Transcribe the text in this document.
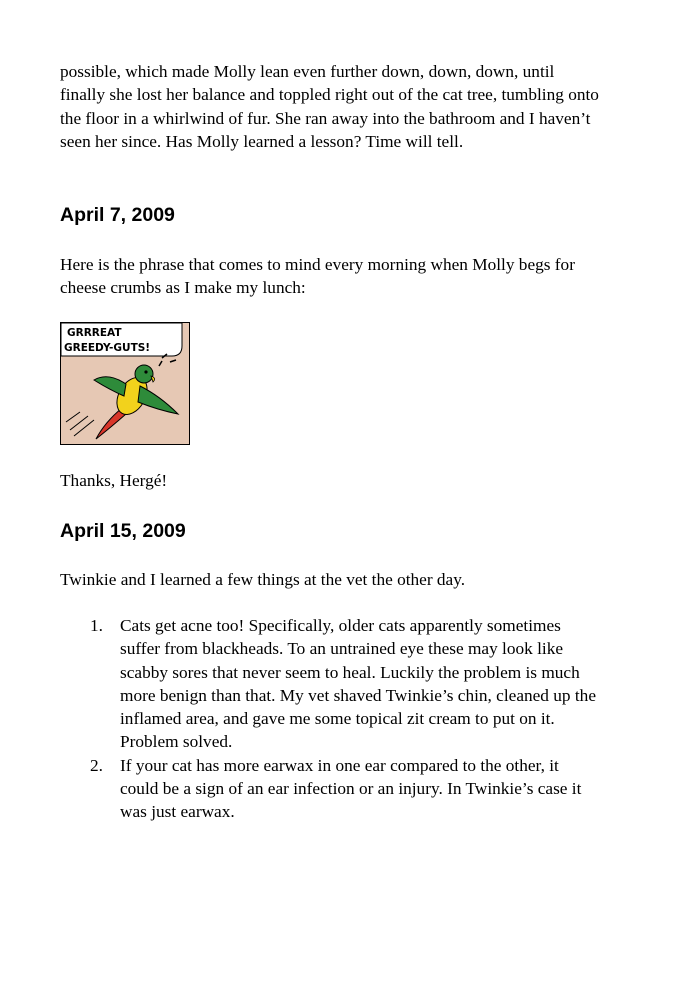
possible, which made Molly lean even further down, down, down, until finally she lost her balance and toppled right out of the cat tree, tumbling onto the floor in a whirlwind of fur. She ran away into the bathroom and I haven’t seen her since. Has Molly learned a lesson? Time will tell.

April 7, 2009

Here is the phrase that comes to mind every morning when Molly begs for cheese crumbs as I make my lunch:

GRRREAT
GREEDY-GUTS!

Thanks, Hergé!

April 15, 2009

Twinkie and I learned a few things at the vet the other day.

1. Cats get acne too! Specifically, older cats apparently sometimes suffer from blackheads. To an untrained eye these may look like scabby sores that never seem to heal. Luckily the problem is much more benign than that. My vet shaved Twinkie’s chin, cleaned up the inflamed area, and gave me some topical zit cream to put on it. Problem solved.
2. If your cat has more earwax in one ear compared to the other, it could be a sign of an ear infection or an injury. In Twinkie’s case it was just earwax.
